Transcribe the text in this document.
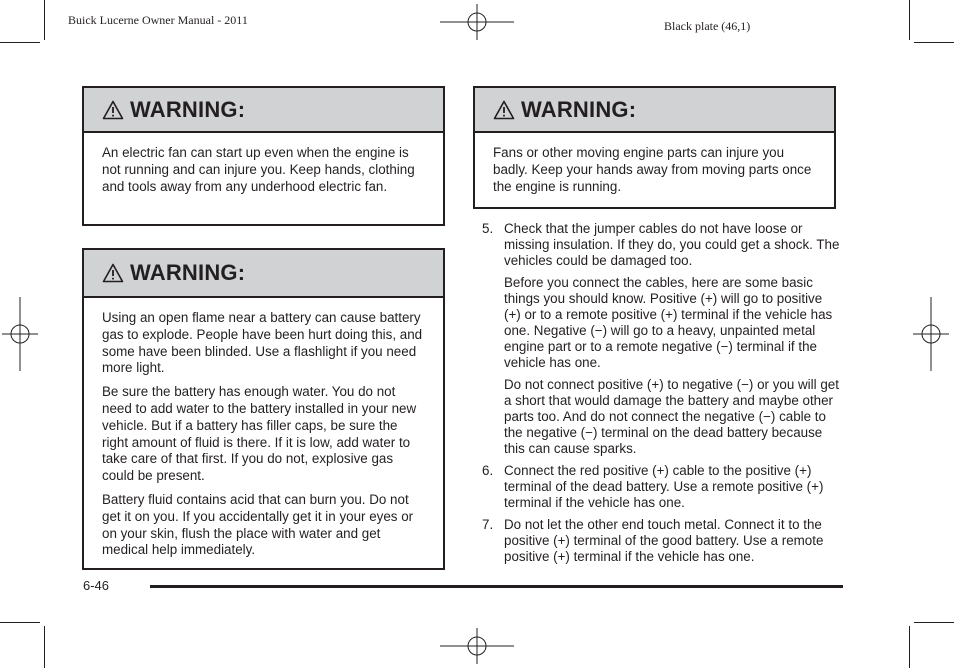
Buick Lucerne Owner Manual - 2011	Black plate (46,1)
WARNING:

An electric fan can start up even when the engine is not running and can injure you. Keep hands, clothing and tools away from any underhood electric fan.

WARNING:

Using an open flame near a battery can cause battery gas to explode. People have been hurt doing this, and some have been blinded. Use a flashlight if you need more light.

Be sure the battery has enough water. You do not need to add water to the battery installed in your new vehicle. But if a battery has filler caps, be sure the right amount of fluid is there. If it is low, add water to take care of that first. If you do not, explosive gas could be present.

Battery fluid contains acid that can burn you. Do not get it on you. If you accidentally get it in your eyes or on your skin, flush the place with water and get medical help immediately.

WARNING:

Fans or other moving engine parts can injure you badly. Keep your hands away from moving parts once the engine is running.

5. Check that the jumper cables do not have loose or missing insulation. If they do, you could get a shock. The vehicles could be damaged too.

Before you connect the cables, here are some basic things you should know. Positive (+) will go to positive (+) or to a remote positive (+) terminal if the vehicle has one. Negative (−) will go to a heavy, unpainted metal engine part or to a remote negative (−) terminal if the vehicle has one.

Do not connect positive (+) to negative (−) or you will get a short that would damage the battery and maybe other parts too. And do not connect the negative (−) cable to the negative (−) terminal on the dead battery because this can cause sparks.

6. Connect the red positive (+) cable to the positive (+) terminal of the dead battery. Use a remote positive (+) terminal if the vehicle has one.

7. Do not let the other end touch metal. Connect it to the positive (+) terminal of the good battery. Use a remote positive (+) terminal if the vehicle has one.

6-46
